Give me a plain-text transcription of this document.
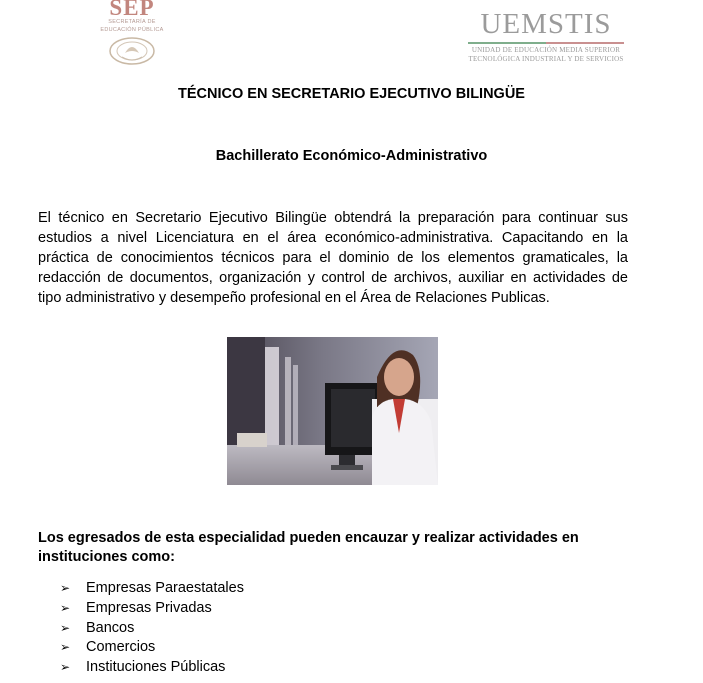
SEP
SECRETARÍA DE
EDUCACIÓN PÚBLICA	UEMSTIS
UNIDAD DE EDUCACIÓN MEDIA SUPERIOR
TECNOLÓGICA INDUSTRIAL Y DE SERVICIOS
TÉCNICO EN SECRETARIO EJECUTIVO BILINGÜE
Bachillerato Económico-Administrativo

El técnico en Secretario Ejecutivo Bilingüe obtendrá la preparación para continuar sus estudios a nivel Licenciatura en el área económico-administrativa. Capacitando en la práctica de conocimientos técnicos para el dominio de los elementos gramaticales, la redacción de documentos, organización y control de archivos, auxiliar en actividades de tipo administrativo y desempeño profesional en el Área de Relaciones Publicas.

Los egresados de esta especialidad pueden encauzar y realizar actividades en instituciones como:

➢	Empresas Paraestatales
➢	Empresas Privadas
➢	Bancos
➢	Comercios
➢	Instituciones Públicas
